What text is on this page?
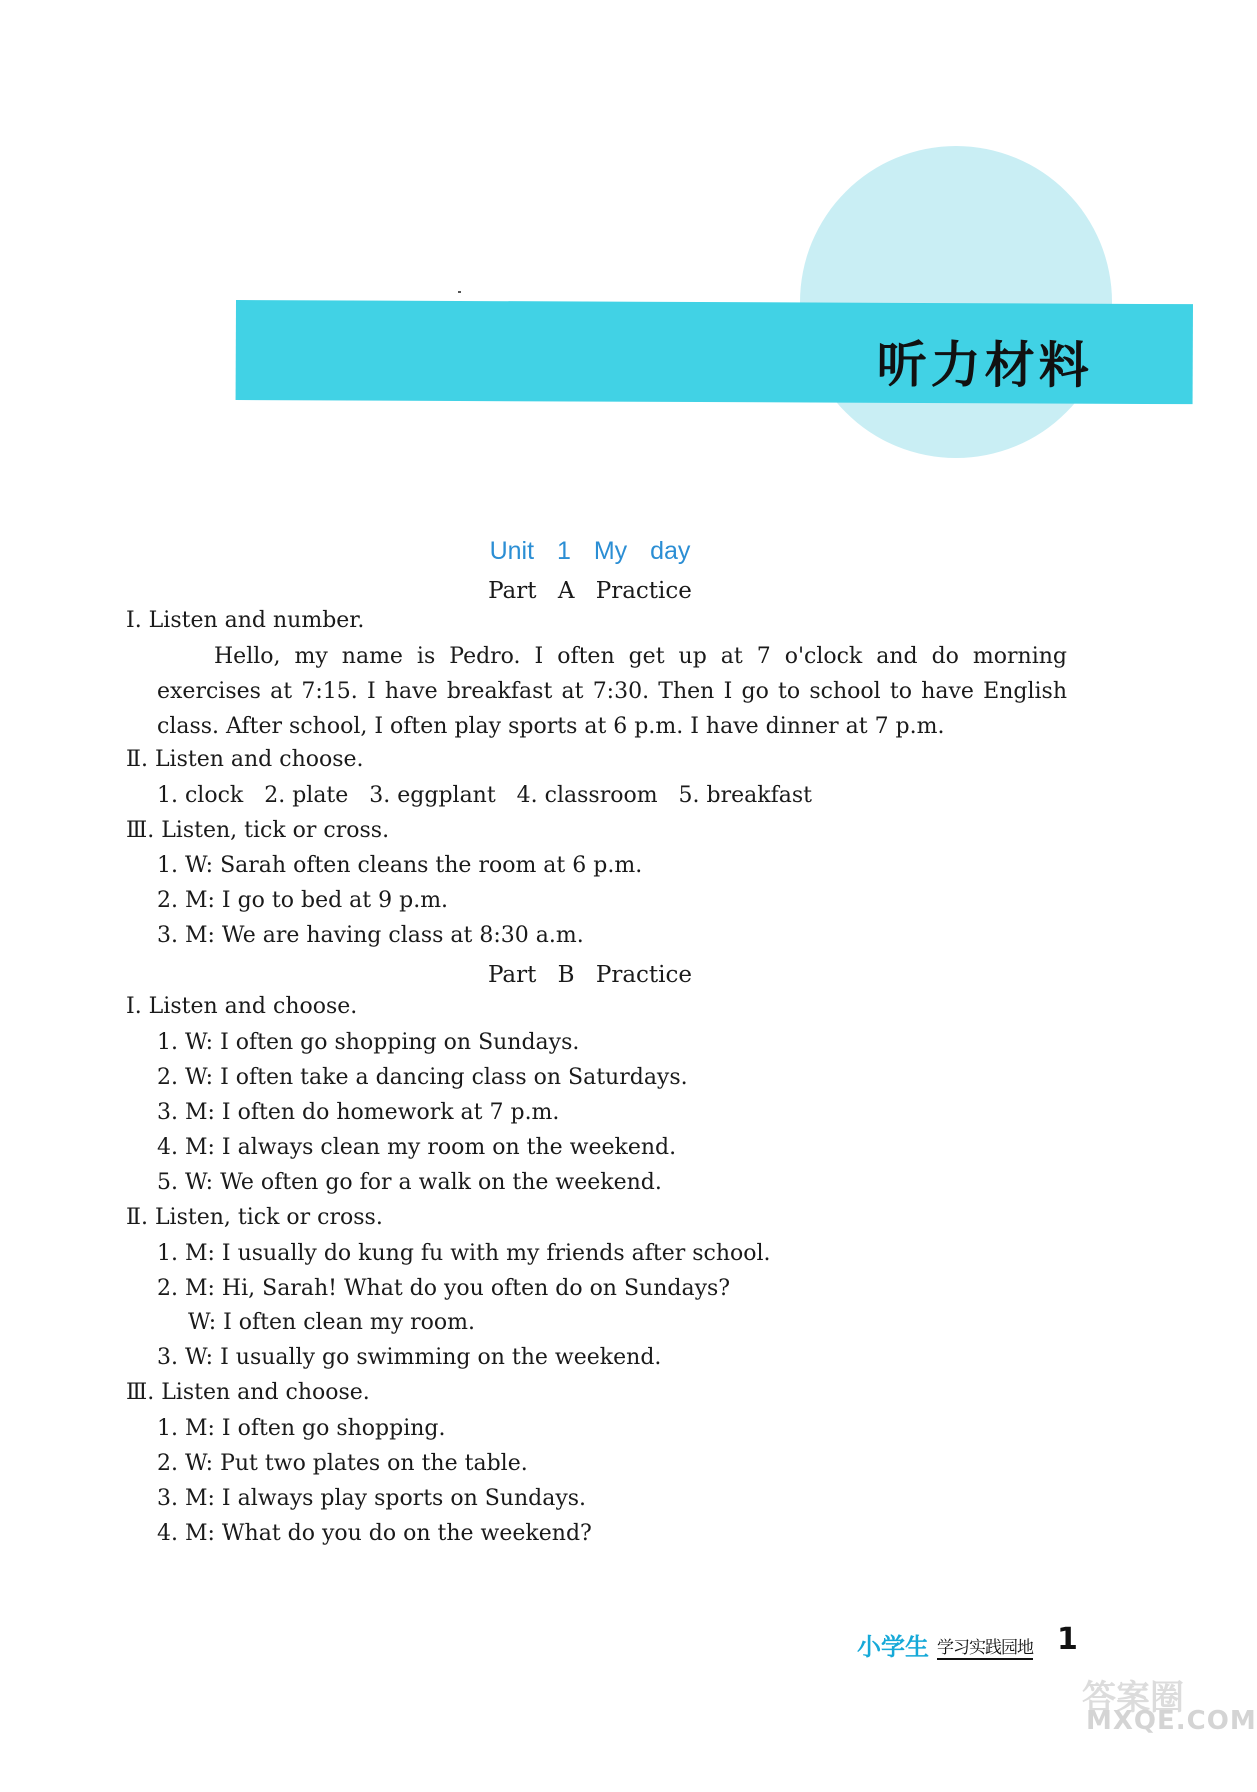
听力材料
Unit 1 My day
Part A Practice
Ⅰ. Listen and number.
Hello, my name is Pedro. I often get up at 7 o'clock and do morning exercises at 7:15. I have breakfast at 7:30. Then I go to school to have English class. After school, I often play sports at 6 p.m. I have dinner at 7 p.m.
Ⅱ. Listen and choose.
1. clock   2. plate   3. eggplant   4. classroom   5. breakfast
Ⅲ. Listen, tick or cross.
1. W: Sarah often cleans the room at 6 p.m.
2. M: I go to bed at 9 p.m.
3. M: We are having class at 8:30 a.m.
Part B Practice
Ⅰ. Listen and choose.
1. W: I often go shopping on Sundays.
2. W: I often take a dancing class on Saturdays.
3. M: I often do homework at 7 p.m.
4. M: I always clean my room on the weekend.
5. W: We often go for a walk on the weekend.
Ⅱ. Listen, tick or cross.
1. M: I usually do kung fu with my friends after school.
2. M: Hi, Sarah! What do you often do on Sundays?
W: I often clean my room.
3. W: I usually go swimming on the weekend.
Ⅲ. Listen and choose.
1. M: I often go shopping.
2. W: Put two plates on the table.
3. M: I always play sports on Sundays.
4. M: What do you do on the weekend?
小学生 学习实践园地 1
答案圈
MXQE.COM
